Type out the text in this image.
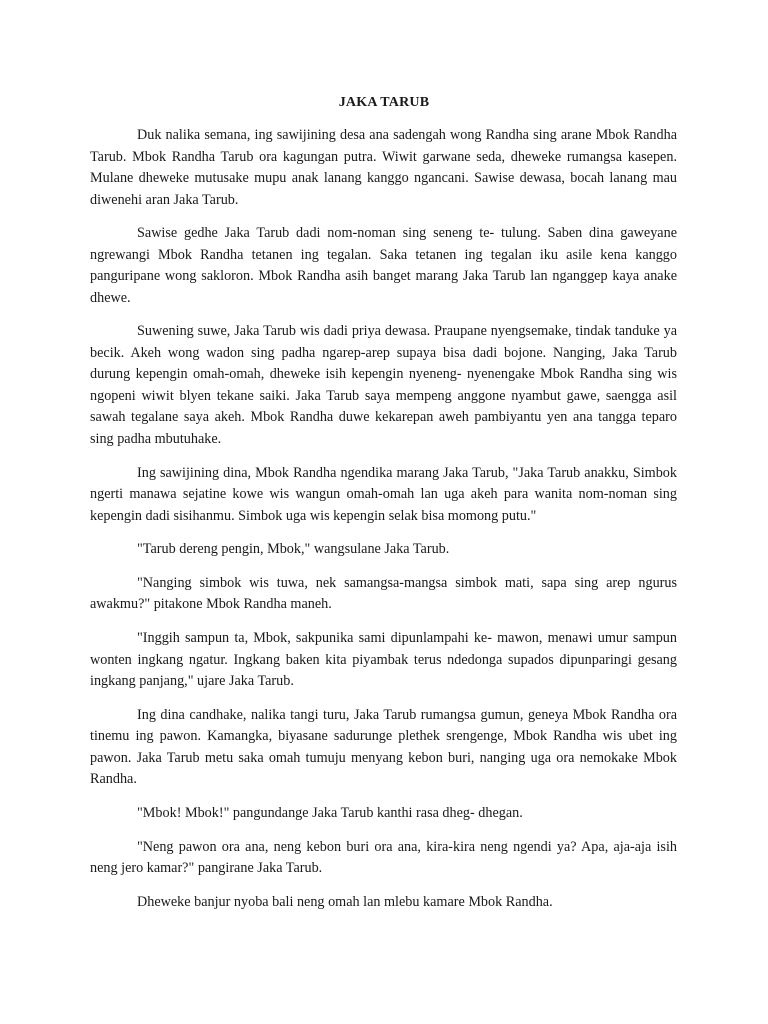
JAKA TARUB

Duk nalika semana, ing sawijining desa ana sadengah wong Randha sing arane Mbok Randha Tarub. Mbok Randha Tarub ora kagungan putra. Wiwit garwane seda, dheweke rumangsa kasepen. Mulane dheweke mutusake mupu anak lanang kanggo ngancani. Sawise dewasa, bocah lanang mau diwenehi aran Jaka Tarub.

Sawise gedhe Jaka Tarub dadi nom-noman sing seneng te- tulung. Saben dina gaweyane ngrewangi Mbok Randha tetanen ing tegalan. Saka tetanen ing tegalan iku asile kena kanggo panguripane wong sakloron. Mbok Randha asih banget marang Jaka Tarub lan nganggep kaya anake dhewe.

Suwening suwe, Jaka Tarub wis dadi priya dewasa. Praupane nyengsemake, tindak tanduke ya becik. Akeh wong wadon sing padha ngarep-arep supaya bisa dadi bojone. Nanging, Jaka Tarub durung kepengin omah-omah, dheweke isih kepengin nyeneng- nyenengake Mbok Randha sing wis ngopeni wiwit blyen tekane saiki. Jaka Tarub saya mempeng anggone nyambut gawe, saengga asil sawah tegalane saya akeh. Mbok Randha duwe kekarepan aweh pambiyantu yen ana tangga teparo sing padha mbutuhake.

Ing sawijining dina, Mbok Randha ngendika marang Jaka Tarub, "Jaka Tarub anakku, Simbok ngerti manawa sejatine kowe wis wangun omah-omah lan uga akeh para wanita nom-noman sing kepengin dadi sisihanmu. Simbok uga wis kepengin selak bisa momong putu."

"Tarub dereng pengin, Mbok," wangsulane Jaka Tarub.

"Nanging simbok wis tuwa, nek samangsa-mangsa simbok mati, sapa sing arep ngurus awakmu?" pitakone Mbok Randha maneh.

"Inggih sampun ta, Mbok, sakpunika sami dipunlampahi ke- mawon, menawi umur sampun wonten ingkang ngatur. Ingkang baken kita piyambak terus ndedonga supados dipunparingi gesang ingkang panjang," ujare Jaka Tarub.

Ing dina candhake, nalika tangi turu, Jaka Tarub rumangsa gumun, geneya Mbok Randha ora tinemu ing pawon. Kamangka, biyasane sadurunge plethek srengenge, Mbok Randha wis ubet ing pawon. Jaka Tarub metu saka omah tumuju menyang kebon buri, nanging uga ora nemokake Mbok Randha.

"Mbok! Mbok!" pangundange Jaka Tarub kanthi rasa dheg- dhegan.

"Neng pawon ora ana, neng kebon buri ora ana, kira-kira neng ngendi ya? Apa, aja-aja isih neng jero kamar?" pangirane Jaka Tarub.

Dheweke banjur nyoba bali neng omah lan mlebu kamare Mbok Randha.
